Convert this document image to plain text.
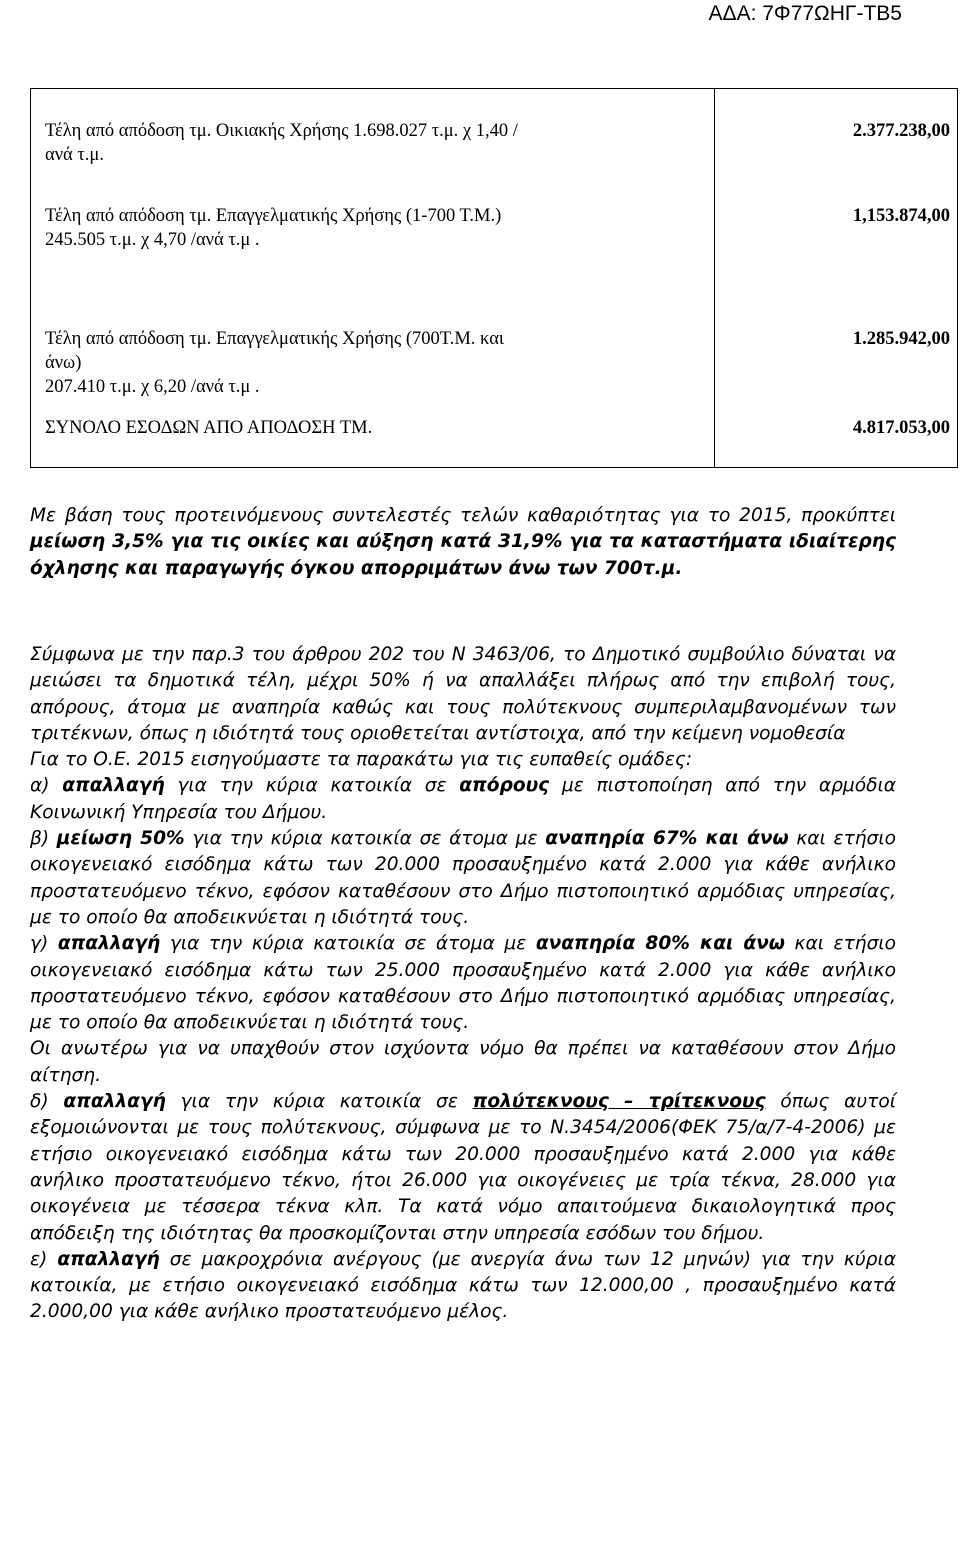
ΑΔΑ: 7Φ77ΩΗΓ-ΤΒ5
Τέλη από απόδοση τμ. Οικιακής Χρήσης 1.698.027 τ.μ. χ 1,40 /
ανά τ.μ.
2.377.238,00
Τέλη από απόδοση τμ. Επαγγελματικής Χρήσης (1-700 Τ.Μ.)
245.505 τ.μ. χ 4,70 /ανά τ.μ .
1,153.874,00
Τέλη από απόδοση τμ. Επαγγελματικής Χρήσης (700Τ.Μ. και
άνω)
207.410 τ.μ. χ 6,20 /ανά τ.μ .
1.285.942,00
ΣΥΝΟΛΟ ΕΣΟΔΩΝ ΑΠΟ ΑΠΟΔΟΣΗ ΤΜ.	4.817.053,00

Με βάση τους προτεινόμενους συντελεστές τελών καθαριότητας για το 2015, προκύπτει μείωση 3,5% για τις οικίες και αύξηση κατά 31,9% για τα καταστήματα ιδιαίτερης όχλησης και παραγωγής όγκου απορριμάτων άνω των 700τ.μ.

Σύμφωνα με την παρ.3 του άρθρου 202 του Ν 3463/06, το Δημοτικό συμβούλιο δύναται να μειώσει τα δημοτικά τέλη, μέχρι 50% ή να απαλλάξει πλήρως από την επιβολή τους, απόρους, άτομα με αναπηρία καθώς και τους πολύτεκνους συμπεριλαμβανομένων των τριτέκνων, όπως η ιδιότητά τους οριοθετείται αντίστοιχα, από την κείμενη νομοθεσία

Για το Ο.Ε. 2015 εισηγούμαστε τα παρακάτω για τις ευπαθείς ομάδες:

α) απαλλαγή για την κύρια κατοικία σε απόρους με πιστοποίηση από την αρμόδια Κοινωνική Υπηρεσία του Δήμου.

β) μείωση 50% για την κύρια κατοικία σε άτομα με αναπηρία 67% και άνω και ετήσιο οικογενειακό εισόδημα κάτω των 20.000 προσαυξημένο κατά 2.000 για κάθε ανήλικο προστατευόμενο τέκνο, εφόσον καταθέσουν στο Δήμο πιστοποιητικό αρμόδιας υπηρεσίας, με το οποίο θα αποδεικνύεται η ιδιότητά τους.

γ) απαλλαγή για την κύρια κατοικία σε άτομα με αναπηρία 80% και άνω και ετήσιο οικογενειακό εισόδημα κάτω των 25.000 προσαυξημένο κατά 2.000 για κάθε ανήλικο προστατευόμενο τέκνο, εφόσον καταθέσουν στο Δήμο πιστοποιητικό αρμόδιας υπηρεσίας, με το οποίο θα αποδεικνύεται η ιδιότητά τους.

Οι ανωτέρω για να υπαχθούν στον ισχύοντα νόμο θα πρέπει να καταθέσουν στον Δήμο αίτηση.

δ) απαλλαγή για την κύρια κατοικία σε πολύτεκνους – τρίτεκνους όπως αυτοί εξομοιώνονται με τους πολύτεκνους, σύμφωνα με το Ν.3454/2006(ΦΕΚ 75/α/7-4-2006) με ετήσιο οικογενειακό εισόδημα κάτω των 20.000 προσαυξημένο κατά 2.000 για κάθε ανήλικο προστατευόμενο τέκνο, ήτοι 26.000 για οικογένειες με τρία τέκνα, 28.000 για οικογένεια με τέσσερα τέκνα κλπ. Τα κατά νόμο απαιτούμενα δικαιολογητικά προς απόδειξη της ιδιότητας θα προσκομίζονται στην υπηρεσία εσόδων του δήμου.

ε) απαλλαγή σε μακροχρόνια ανέργους (με ανεργία άνω των 12 μηνών) για την κύρια κατοικία, με ετήσιο οικογενειακό εισόδημα κάτω των 12.000,00 , προσαυξημένο κατά 2.000,00 για κάθε ανήλικο προστατευόμενο μέλος.
